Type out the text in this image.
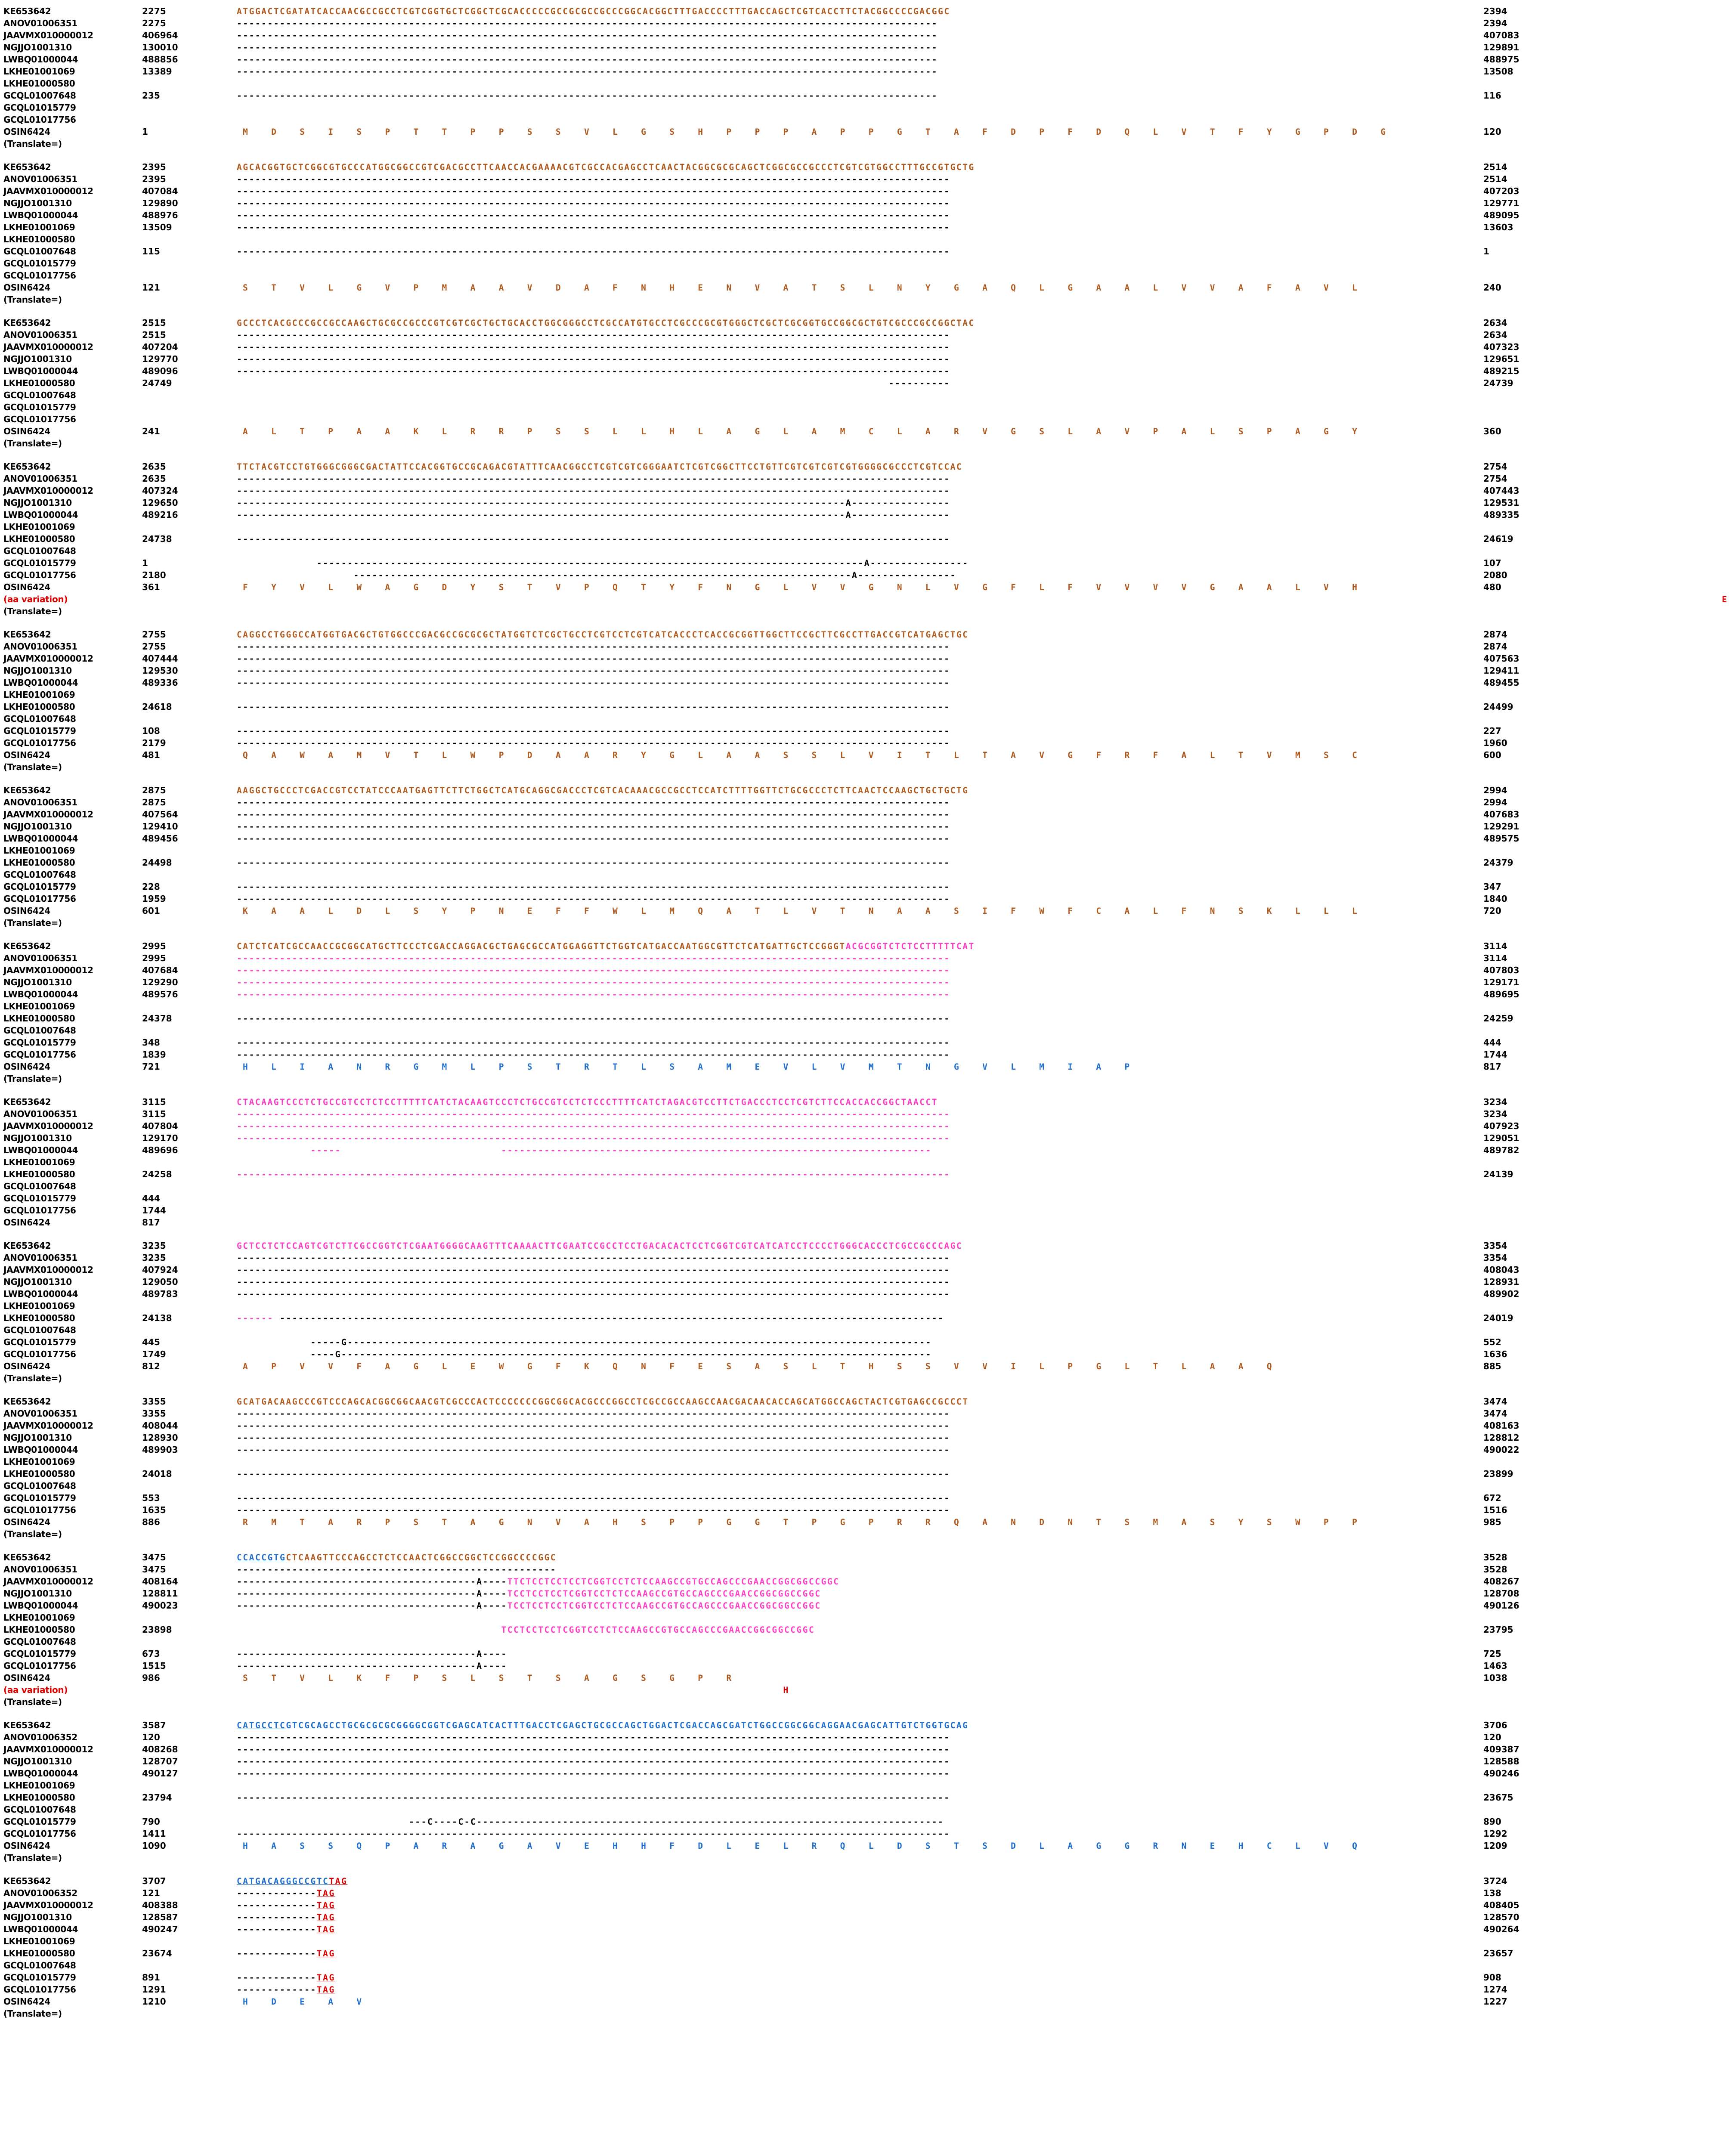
KE653642	2275	ATGGACTCGATATCACCAACGCCGCCTCGTCGGTGCTCGGCTCGCACCCCCGCCGCGCCGCCCGGCACGGCTTTGACCCCTTTGACCAGCTCGTCACCTTCTACGGCCCCGACGGC	2394
ANOV01006351	2275	------------------------------------------------------------------------------------------------------------------	2394
JAAVMX010000012	406964	------------------------------------------------------------------------------------------------------------------	407083
NGJJO1001310	130010	------------------------------------------------------------------------------------------------------------------	129891
LWBQ01000044	488856	------------------------------------------------------------------------------------------------------------------	488975
LKHE01001069	13389	------------------------------------------------------------------------------------------------------------------	13508
LKHE01000580
GCQL01007648	235	------------------------------------------------------------------------------------------------------------------	116
GCQL01015779
GCQL01017756
OSIN6424	1	M D S I S P T T P P S S V L G S H P P P A P P G T A F D P F D Q L V T F Y G P D G	120
(Translate=)
KE653642	2395	AGCACGGTGCTCGGCGTGCCCATGGCGGCCGTCGACGCCTTCAACCACGAAAACGTCGCCACGAGCCTCAACTACGGCGCGCAGCTCGGCGCCGCCCTCGTCGTGGCCTTTGCCGTGCTG	2514
ANOV01006351	2395	--------------------------------------------------------------------------------------------------------------------	2514
JAAVMX010000012	407084	--------------------------------------------------------------------------------------------------------------------	407203
NGJJO1001310	129890	--------------------------------------------------------------------------------------------------------------------	129771
LWBQ01000044	488976	--------------------------------------------------------------------------------------------------------------------	489095
LKHE01001069	13509	--------------------------------------------------------------------------------------------------------------------	13603
LKHE01000580
GCQL01007648	115	--------------------------------------------------------------------------------------------------------------------	1
GCQL01015779
GCQL01017756
OSIN6424	121	S T V L G V P M A A V D A F N H E N V A T S L N Y G A Q L G A A L V V A F A V L	240
(Translate=)
KE653642	2515	GCCCTCACGCCCGCCGCCAAGCTGCGCCGCCCGTCGTCGCTGCTGCACCTGGCGGGCCTCGCCATGTGCCTCGCCCGCGTGGGCTCGCTCGCGGTGCCGGCGCTGTCGCCCGCCGGCTAC	2634
ANOV01006351	2515	--------------------------------------------------------------------------------------------------------------------	2634
JAAVMX010000012	407204	--------------------------------------------------------------------------------------------------------------------	407323
NGJJO1001310	129770	--------------------------------------------------------------------------------------------------------------------	129651
LWBQ01000044	489096	--------------------------------------------------------------------------------------------------------------------	489215
LKHE01000580	24749	----------	24739
GCQL01007648
GCQL01015779
GCQL01017756
OSIN6424	241	A L T P A A K L R R P S S L L H L A G L A M C L A R V G S L A V P A L S P A G Y	360
(Translate=)
KE653642	2635	TTCTACGTCCTGTGGGCGGGCGACTATTCCACGGTGCCGCAGACGTATTTCAACGGCCTCGTCGTCGGGAATCTCGTCGGCTTCCTGTTCGTCGTCGTCGTGGGGCGCCCTCGTCCAC	2754
ANOV01006351	2635	--------------------------------------------------------------------------------------------------------------------	2754
JAAVMX010000012	407324	--------------------------------------------------------------------------------------------------------------------	407443
NGJJO1001310	129650	---------------------------------------------------------------------------------------------------A----------------	129531
LWBQ01000044	489216	---------------------------------------------------------------------------------------------------A----------------	489335
LKHE01001069
LKHE01000580	24738	--------------------------------------------------------------------------------------------------------------------	24619
GCQL01007648
GCQL01015779	1	-----------------------------------------------------------------------------------------A----------------	107
GCQL01017756	2180	---------------------------------------------------------------------------------A----------------	2080
OSIN6424	361	F Y V L W A G D Y S T V P Q T Y F N G L V V G N L V G F L F V V V V G A A L V H	480
(aa variation)	E
(Translate=)
KE653642	2755	CAGGCCTGGGCCATGGTGACGCTGTGGCCCGACGCCGCGCGCTATGGTCTCGCTGCCTCGTCCTCGTCATCACCCTCACCGCGGTTGGCTTCCGCTTCGCCTTGACCGTCATGAGCTGC	2874
ANOV01006351	2755	--------------------------------------------------------------------------------------------------------------------	2874
JAAVMX010000012	407444	--------------------------------------------------------------------------------------------------------------------	407563
NGJJO1001310	129530	--------------------------------------------------------------------------------------------------------------------	129411
LWBQ01000044	489336	--------------------------------------------------------------------------------------------------------------------	489455
LKHE01001069
LKHE01000580	24618	--------------------------------------------------------------------------------------------------------------------	24499
GCQL01007648
GCQL01015779	108	--------------------------------------------------------------------------------------------------------------------	227
GCQL01017756	2179	--------------------------------------------------------------------------------------------------------------------	1960
OSIN6424	481	Q A W A M V T L W P D A A R Y G L A A S S L V I T L T A V G F R F A L T V M S C	600
(Translate=)
KE653642	2875	AAGGCTGCCCTCGACCGTCCTATCCCAATGAGTTCTTCTGGCTCATGCAGGCGACCCTCGTCACAAACGCCGCCTCCATCTTTTGGTTCTGCGCCCTCTTCAACTCCAAGCTGCTGCTG	2994
ANOV01006351	2875	--------------------------------------------------------------------------------------------------------------------	2994
JAAVMX010000012	407564	--------------------------------------------------------------------------------------------------------------------	407683
NGJJO1001310	129410	--------------------------------------------------------------------------------------------------------------------	129291
LWBQ01000044	489456	--------------------------------------------------------------------------------------------------------------------	489575
LKHE01001069
LKHE01000580	24498	--------------------------------------------------------------------------------------------------------------------	24379
GCQL01007648
GCQL01015779	228	--------------------------------------------------------------------------------------------------------------------	347
GCQL01017756	1959	--------------------------------------------------------------------------------------------------------------------	1840
OSIN6424	601	K A A L D L S Y P N E F F W L M Q A T L V T N A A S I F W F C A L F N S K L L L	720
(Translate=)
KE653642	2995	CATCTCATCGCCAACCGCGGCATGCTTCCCTCGACCAGGACGCTGAGCGCCATGGAGGTTCTGGTCATGACCAATGGCGTTCTCATGATTGCTCCGGGTACGCGGTCTCTCCTTTTTCAT	3114
ANOV01006351	2995	--------------------------------------------------------------------------------------------------------------------	3114
JAAVMX010000012	407684	--------------------------------------------------------------------------------------------------------------------	407803
NGJJO1001310	129290	--------------------------------------------------------------------------------------------------------------------	129171
LWBQ01000044	489576	--------------------------------------------------------------------------------------------------------------------	489695
LKHE01001069
LKHE01000580	24378	--------------------------------------------------------------------------------------------------------------------	24259
GCQL01007648
GCQL01015779	348	--------------------------------------------------------------------------------------------------------------------	444
GCQL01017756	1839	--------------------------------------------------------------------------------------------------------------------	1744
OSIN6424	721	H L I A N R G M L P S T R T L S A M E V L V M T N G V L M I A P	817
(Translate=)
KE653642	3115	CTACAAGTCCCTCTGCCGTCCTCTCCTTTTTCATCTACAAGTCCCTCTGCCGTCCTCTCCCTTTTCATCTAGACGTCCTTCTGACCCTCCTCGTCTTCCACCACCGGCTAACCT	3234
ANOV01006351	3115	--------------------------------------------------------------------------------------------------------------------	3234
JAAVMX010000012	407804	--------------------------------------------------------------------------------------------------------------------	407923
NGJJO1001310	129170	--------------------------------------------------------------------------------------------------------------------	129051
LWBQ01000044	489696	-----                          ----------------------------------------------------------------------	489782
LKHE01001069
LKHE01000580	24258	--------------------------------------------------------------------------------------------------------------------	24139
GCQL01007648
GCQL01015779	444
GCQL01017756	1744
OSIN6424	817
KE653642	3235	GCTCCTCTCCAGTCGTCTTCGCCGGTCTCGAATGGGGCAAGTTTCAAAACTTCGAATCCGCCTCCTGACACACTCCTCGGTCGTCATCATCCTCCCCTGGGCACCCTCGCCGCCCAGC	3354
ANOV01006351	3235	--------------------------------------------------------------------------------------------------------------------	3354
JAAVMX010000012	407924	--------------------------------------------------------------------------------------------------------------------	408043
NGJJO1001310	129050	--------------------------------------------------------------------------------------------------------------------	128931
LWBQ01000044	489783	--------------------------------------------------------------------------------------------------------------------	489902
LKHE01001069
LKHE01000580	24138	------ ------------------------------------------------------------------------------------------------------------	24019
GCQL01007648
GCQL01015779	445	-----G-----------------------------------------------------------------------------------------------	552
GCQL01017756	1749	----G------------------------------------------------------------------------------------------------	1636
OSIN6424	812	A P V V F A G L E W G F K Q N F E S A S L T H S S V V I L P G L T L A A Q	885
(Translate=)
KE653642	3355	GCATGACAAGCCCGTCCCAGCACGGCGGCAACGTCGCCCACTCCCCCCCGGCGGCACGCCCGGCCTCGCCGCCAAGCCAACGACAACACCAGCATGGCCAGCTACTCGTGAGCCGCCCT	3474
ANOV01006351	3355	--------------------------------------------------------------------------------------------------------------------	3474
JAAVMX010000012	408044	--------------------------------------------------------------------------------------------------------------------	408163
NGJJO1001310	128930	--------------------------------------------------------------------------------------------------------------------	128812
LWBQ01000044	489903	--------------------------------------------------------------------------------------------------------------------	490022
LKHE01001069
LKHE01000580	24018	--------------------------------------------------------------------------------------------------------------------	23899
GCQL01007648
GCQL01015779	553	--------------------------------------------------------------------------------------------------------------------	672
GCQL01017756	1635	--------------------------------------------------------------------------------------------------------------------	1516
OSIN6424	886	R M T A R P S T A G N V A H S P P G G T P G P R R Q A N D N T S M A S Y S W P P	985
(Translate=)
KE653642	3475	CCACCGTGCTCAAGTTCCCAGCCTCTCCAACTCGGCCGGCTCCGGCCCCGGC	3528
ANOV01006351	3475	----------------------------------------------------	3528
JAAVMX010000012	408164	---------------------------------------A----TTCTCCTCCTCCTCGGTCCTCTCCAAGCCGTGCCAGCCCGAACCGGCGGCCGGC	408267
NGJJO1001310	128811	---------------------------------------A----TCCTCCTCCTCGGTCCTCTCCAAGCCGTGCCAGCCCGAACCGGCGGCCGGC	128708
LWBQ01000044	490023	---------------------------------------A----TCCTCCTCCTCGGTCCTCTCCAAGCCGTGCCAGCCCGAACCGGCGGCCGGC	490126
LKHE01001069
LKHE01000580	23898	TCCTCCTCCTCGGTCCTCTCCAAGCCGTGCCAGCCCGAACCGGCGGCCGGC	23795
GCQL01007648
GCQL01015779	673	---------------------------------------A----	725
GCQL01017756	1515	---------------------------------------A----	1463
OSIN6424	986	S T V L K F P S L S T S A G S G P R	1038
(aa variation)	H
(Translate=)
KE653642	3587	CATGCCTCGTCGCAGCCTGCGCGCGCGGGGCGGTCGAGCATCACTTTGACCTCGAGCTGCGCCAGCTGGACTCGACCAGCGATCTGGCCGGCGGCAGGAACGAGCATTGTCTGGTGCAG	3706
ANOV01006352	120	--------------------------------------------------------------------------------------------------------------------	120
JAAVMX010000012	408268	--------------------------------------------------------------------------------------------------------------------	409387
NGJJO1001310	128707	--------------------------------------------------------------------------------------------------------------------	128588
LWBQ01000044	490127	--------------------------------------------------------------------------------------------------------------------	490246
LKHE01001069
LKHE01000580	23794	--------------------------------------------------------------------------------------------------------------------	23675
GCQL01007648
GCQL01015779	790	---C----C-C----------------------------------------------------------------------------	890
GCQL01017756	1411	--------------------------------------------------------------------------------------------------------------------	1292
OSIN6424	1090	H A S S Q P A R A G A V E H H F D L E L R Q L D S T S D L A G G R N E H C L V Q	1209
(Translate=)
KE653642	3707	CATGACAGGGCCGTCTAG	3724
ANOV01006352	121	-------------TAG	138
JAAVMX010000012	408388	-------------TAG	408405
NGJJO1001310	128587	-------------TAG	128570
LWBQ01000044	490247	-------------TAG	490264
LKHE01001069
LKHE01000580	23674	-------------TAG	23657
GCQL01007648
GCQL01015779	891	-------------TAG	908
GCQL01017756	1291	-------------TAG	1274
OSIN6424	1210	H D E A V	1227
(Translate=)
